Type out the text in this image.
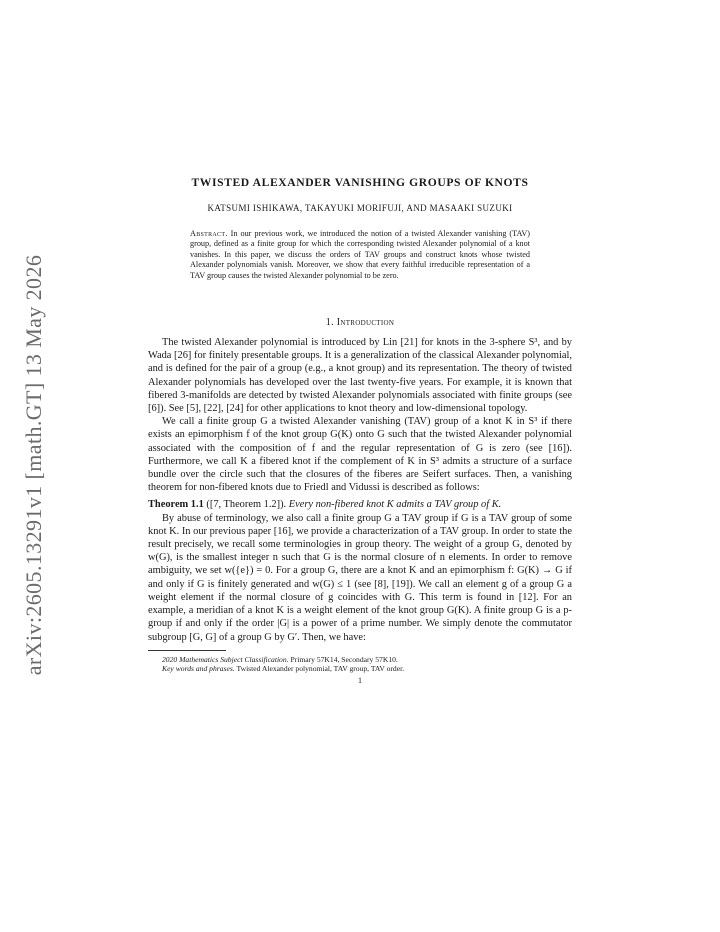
arXiv:2605.13291v1 [math.GT] 13 May 2026
TWISTED ALEXANDER VANISHING GROUPS OF KNOTS
KATSUMI ISHIKAWA, TAKAYUKI MORIFUJI, AND MASAAKI SUZUKI

Abstract. In our previous work, we introduced the notion of a twisted Alexander vanishing (TAV) group, defined as a finite group for which the corresponding twisted Alexander polynomial of a knot vanishes. In this paper, we discuss the orders of TAV groups and construct knots whose twisted Alexander polynomials vanish. Moreover, we show that every faithful irreducible representation of a TAV group causes the twisted Alexander polynomial to be zero.

1. Introduction

The twisted Alexander polynomial is introduced by Lin [21] for knots in the 3-sphere S³, and by Wada [26] for finitely presentable groups. It is a generalization of the classical Alexander polynomial, and is defined for the pair of a group (e.g., a knot group) and its representation. The theory of twisted Alexander polynomials has developed over the last twenty-five years. For example, it is known that fibered 3-manifolds are detected by twisted Alexander polynomials associated with finite groups (see [6]). See [5], [22], [24] for other applications to knot theory and low-dimensional topology.

We call a finite group G a twisted Alexander vanishing (TAV) group of a knot K in S³ if there exists an epimorphism f of the knot group G(K) onto G such that the twisted Alexander polynomial associated with the composition of f and the regular representation of G is zero (see [16]). Furthermore, we call K a fibered knot if the complement of K in S³ admits a structure of a surface bundle over the circle such that the closures of the fiberes are Seifert surfaces. Then, a vanishing theorem for non-fibered knots due to Friedl and Vidussi is described as follows:

Theorem 1.1 ([7, Theorem 1.2]). Every non-fibered knot K admits a TAV group of K.

By abuse of terminology, we also call a finite group G a TAV group if G is a TAV group of some knot K. In our previous paper [16], we provide a characterization of a TAV group. In order to state the result precisely, we recall some terminologies in group theory. The weight of a group G, denoted by w(G), is the smallest integer n such that G is the normal closure of n elements. In order to remove ambiguity, we set w({e}) = 0. For a group G, there are a knot K and an epimorphism f: G(K) → G if and only if G is finitely generated and w(G) ≤ 1 (see [8], [19]). We call an element g of a group G a weight element if the normal closure of g coincides with G. This term is found in [12]. For an example, a meridian of a knot K is a weight element of the knot group G(K). A finite group G is a p-group if and only if the order |G| is a power of a prime number. We simply denote the commutator subgroup [G, G] of a group G by G′. Then, we have:

2020 Mathematics Subject Classification. Primary 57K14, Secondary 57K10.

Key words and phrases. Twisted Alexander polynomial, TAV group, TAV order.

1
